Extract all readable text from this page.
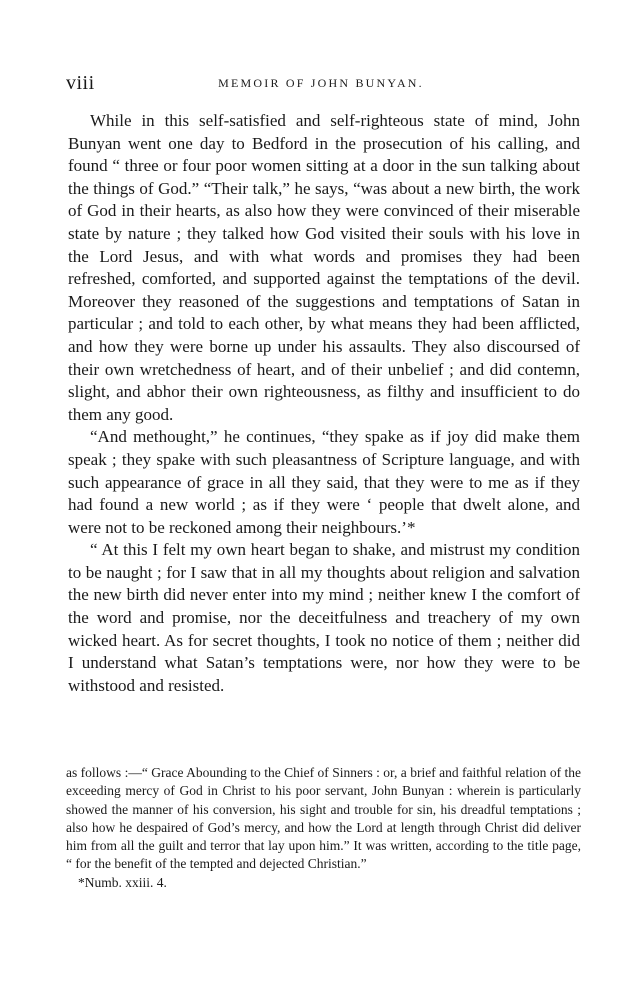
viii	MEMOIR OF JOHN BUNYAN.

While in this self-satisfied and self-righteous state of mind, John Bunyan went one day to Bedford in the prosecution of his calling, and found “ three or four poor women sitting at a door in the sun talking about the things of God.” “Their talk,” he says, “was about a new birth, the work of God in their hearts, as also how they were convinced of their miserable state by nature ; they talked how God visited their souls with his love in the Lord Jesus, and with what words and promises they had been refreshed, comforted, and supported against the temptations of the devil. Moreover they reasoned of the suggestions and temptations of Satan in particular ; and told to each other, by what means they had been afflicted, and how they were borne up under his assaults. They also discoursed of their own wretchedness of heart, and of their unbelief ; and did contemn, slight, and abhor their own righteousness, as filthy and insufficient to do them any good.

“And methought,” he continues, “they spake as if joy did make them speak ; they spake with such pleasantness of Scripture language, and with such appearance of grace in all they said, that they were to me as if they had found a new world ; as if they were ‘ people that dwelt alone, and were not to be reckoned among their neighbours.’*

“ At this I felt my own heart began to shake, and mistrust my condition to be naught ; for I saw that in all my thoughts about religion and salvation the new birth did never enter into my mind ; neither knew I the comfort of the word and promise, nor the deceitfulness and treachery of my own wicked heart. As for secret thoughts, I took no notice of them ; neither did I understand what Satan’s temptations were, nor how they were to be withstood and resisted.

as follows :—“ Grace Abounding to the Chief of Sinners : or, a brief and faithful relation of the exceeding mercy of God in Christ to his poor servant, John Bunyan : wherein is particularly showed the manner of his conversion, his sight and trouble for sin, his dreadful temptations ; also how he despaired of God’s mercy, and how the Lord at length through Christ did deliver him from all the guilt and terror that lay upon him.” It was written, according to the title page, “ for the benefit of the tempted and dejected Christian.”

*Numb. xxiii. 4.
